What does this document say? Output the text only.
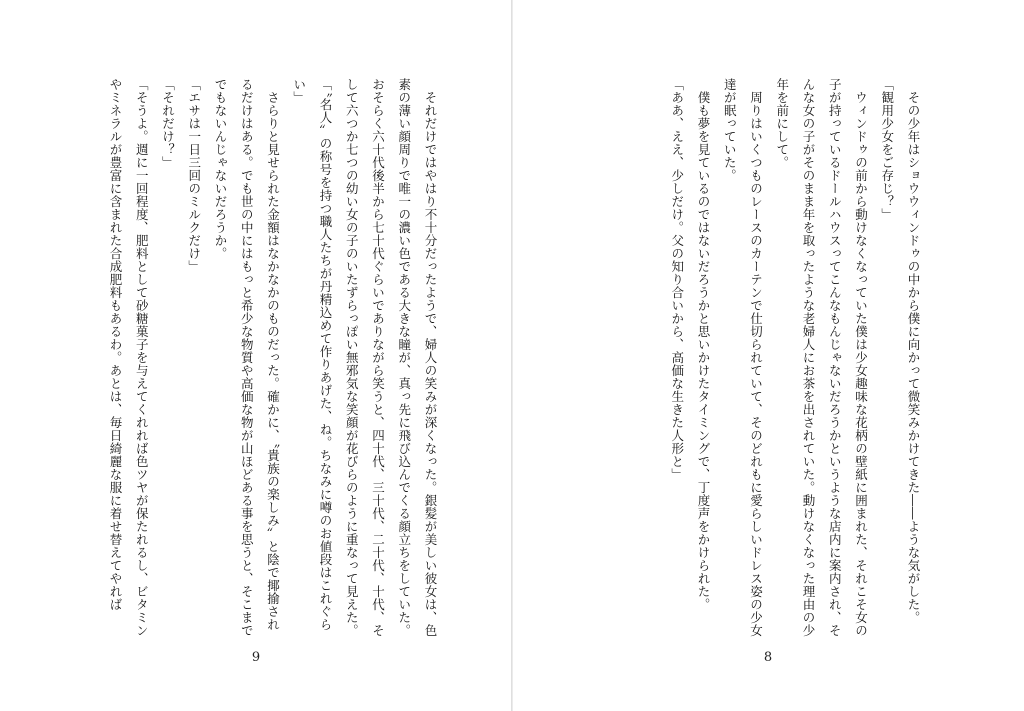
　それだけではやはり不十分だったようで、婦人の笑みが深くなった。銀髪が美しい彼女は、色素の薄い顔周りで唯一の濃い色である大きな瞳が、真っ先に飛び込んでくる顔立ちをしていた。おそらく六十代後半から七十代ぐらいでありながら笑うと、四十代、三十代、二十代、十代、そして六つか七つの幼い女の子のいたずらっぽい無邪気な笑顔が花びらのように重なって見えた。

「〝名人〟の称号を持つ職人たちが丹精込めて作りあげた、ね。ちなみに噂のお値段はこれぐらい」

　さらりと見せられた金額はなかなかのものだった。確かに、〝貴族の楽しみ〟と陰で揶揄されるだけはある。でも世の中にはもっと希少な物質や高価な物が山ほどある事を思うと、そこまででもないんじゃないだろうか。

「エサは一日三回のミルクだけ」

「それだけ？」

「そうよ。週に一回程度、肥料として砂糖菓子を与えてくれれば色ツヤが保たれるし、ビタミンやミネラルが豊富に含まれた合成肥料もあるわ。あとは、毎日綺麗な服に着せ替えてやれば

9

　その少年はショウウィンドゥの中から僕に向かって微笑みかけてきた――ような気がした。

「観用少女をご存じ？」

　ウィンドゥの前から動けなくなっていた僕は少女趣味な花柄の壁紙に囲まれた、それこそ女の子が持っているドールハウスってこんなもんじゃないだろうかというような店内に案内され、そんな女の子がそのまま年を取ったような老婦人にお茶を出されていた。動けなくなった理由の少年を前にして。

　周りはいくつものレースのカーテンで仕切られていて、そのどれもに愛らしいドレス姿の少女達が眠っていた。

　僕も夢を見ているのではないだろうかと思いかけたタイミングで、丁度声をかけられた。

「ああ、ええ、少しだけ。父の知り合いから、高価な生きた人形と」

8
